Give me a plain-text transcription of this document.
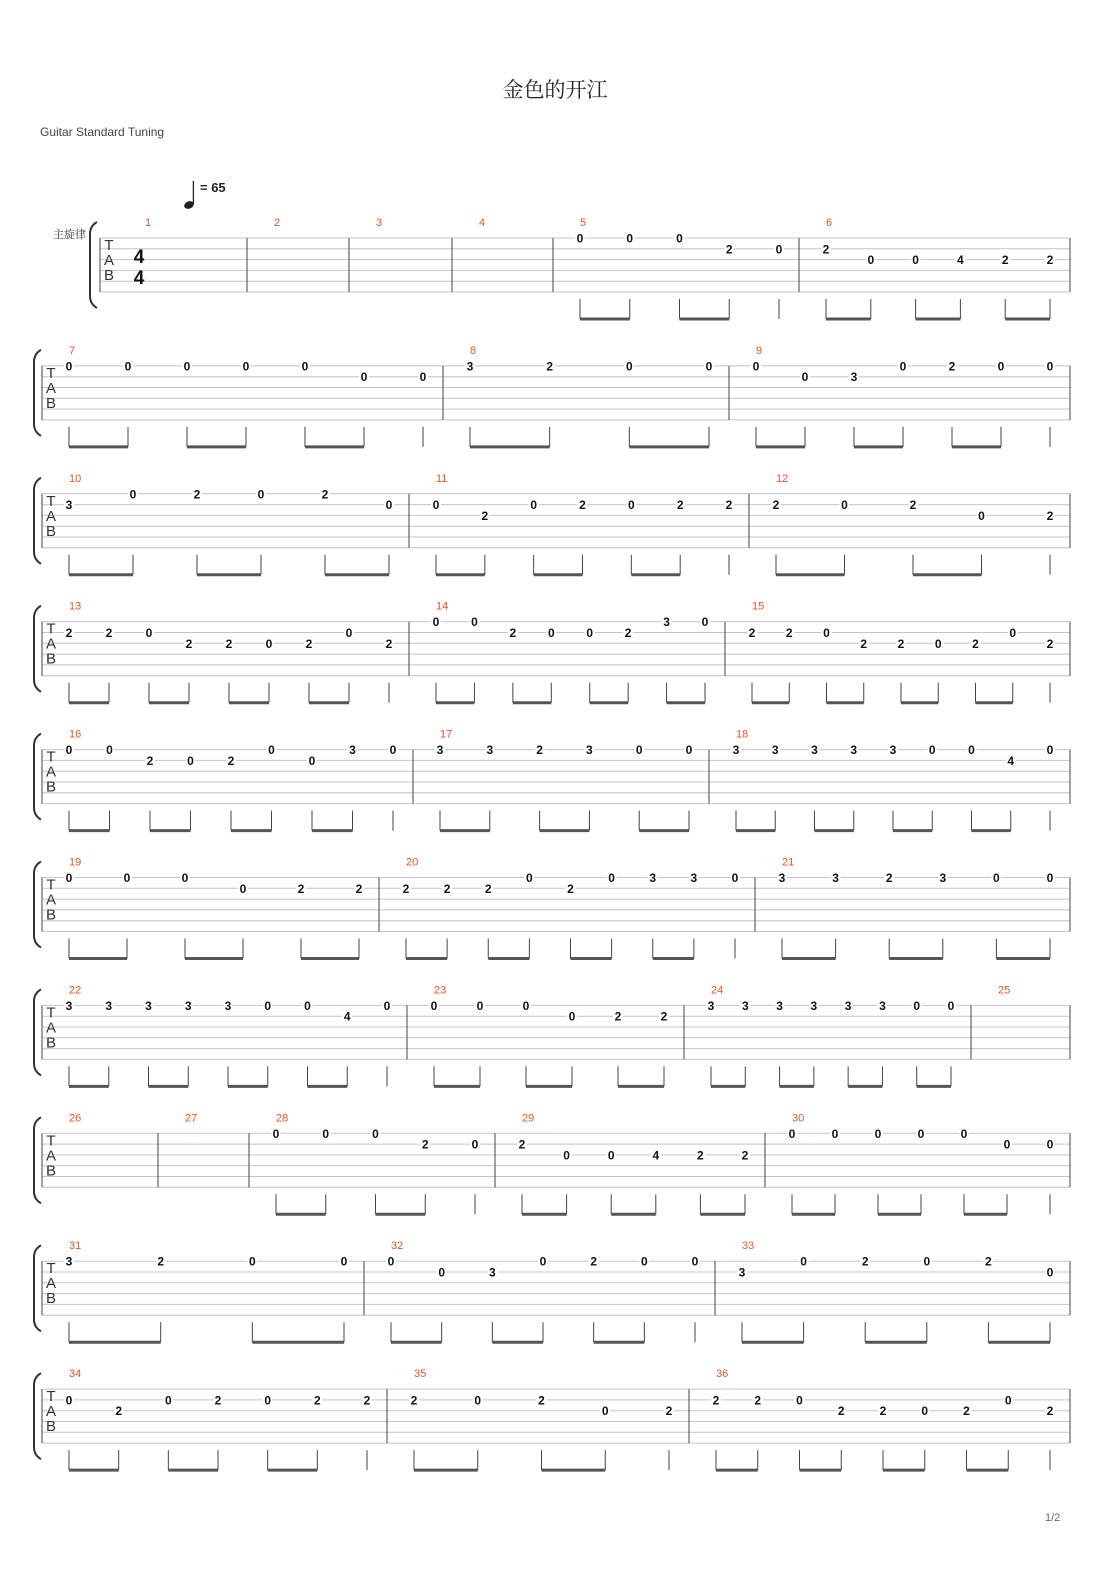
金色的开江
Guitar Standard Tuning
= 65
1/2
T
A
B
主旋律
4
4
1	2	3	4	5
0	0	0
2	0
6
2
0	0	4	2	2
T
A
B
7
0	0	0	0	0
0	0
8
3	2	0	0
9
0
0	3
0	2	0	0
T
A
B
10
3
0	2	0	2
0
11
0
2
0	2	0	2	2
12
2	0	2
0	2
T
A
B
13
2	2	0
2	2	0	2
0
2
14
0	0
2	0	0	2
3	0
15
2	2	0
2	2	0	2
0
2
T
A
B
16
0	0
2	0	2
0
0
3	0
17
3	3	2	3	0	0
18
3	3	3	3	3	0	0
4
0
T
A
B
19
0	0	0
0	2	2
20
2	2	2
0
2
0	3	3	0
21
3	3	2	3	0	0
T
A
B
22
3	3	3	3	3	0	0
4
0
23
0	0	0
0	2	2
24
3 3 3 3 3 3 0 0
25
T
A
B
26	27	28
0	0	0
2	0
29
2
0	0	4	2	2
30
0	0	0	0	0
0	0
T
A
B
31
3	2	0	0
32
0
0	3
0	2	0	0
33
3
0	2	0	2
0
T
A
B
34
0
2
0	2	0	2	2
35
2	0	2
0	2
36
2	2	0
2	2	0	2
0
2
